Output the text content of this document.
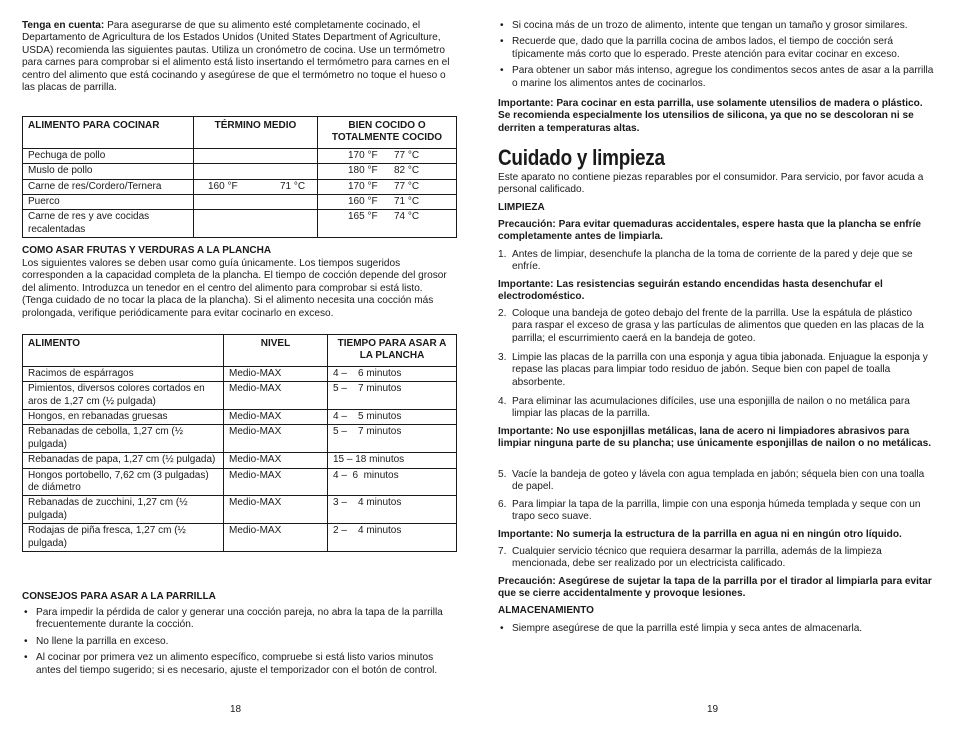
Tenga en cuenta: Para asegurarse de que su alimento esté completamente cocinado, el Departamento de Agricultura de los Estados Unidos (United States Department of Agriculture, USDA) recomienda las siguientes pautas. Utiliza un cronómetro de cocina. Use un termómetro para carnes para comprobar si el alimento está listo insertando el termómetro para carnes en el centro del alimento que está cocinando y asegúrese de que el termómetro no toque el hueso o las placas de parrilla.

ALIMENTO PARA COCINAR	TÉRMINO MEDIO	BIEN COCIDO O TOTALMENTE COCIDO
Pechuga de pollo		170 °F 77 °C
Muslo de pollo		180 °F 82 °C
Carne de res/Cordero/Ternera	160 °F 71 °C	170 °F 77 °C
Puerco		160 °F 71 °C
Carne de res y ave cocidas recalentadas		165 °F 74 °C

COMO ASAR FRUTAS Y VERDURAS A LA PLANCHA

Los siguientes valores se deben usar como guía únicamente. Los tiempos sugeridos corresponden a la capacidad completa de la plancha. El tiempo de cocción depende del grosor del alimento. Introduzca un tenedor en el centro del alimento para comprobar si está listo. (Tenga cuidado de no tocar la placa de la plancha). Si el alimento necesita una cocción más prolongada, verifique periódicamente para evitar cocinarlo en exceso.

ALIMENTO	NIVEL	TIEMPO PARA ASAR A LA PLANCHA
Racimos de espárragos	Medio-MAX	4 –    6 minutos
Pimientos, diversos colores cortados en aros de 1,27 cm (½ pulgada)	Medio-MAX	5 –    7 minutos
Hongos, en rebanadas gruesas	Medio-MAX	4 –    5 minutos
Rebanadas de cebolla, 1,27 cm (½ pulgada)	Medio-MAX	5 –    7 minutos
Rebanadas de papa, 1,27 cm (½ pulgada)	Medio-MAX	15 – 18 minutos
Hongos portobello, 7,62 cm (3 pulgadas) de diámetro	Medio-MAX	4 –  6  minutos
Rebanadas de zucchini, 1,27 cm (½ pulgada)	Medio-MAX	3 –    4 minutos
Rodajas de piña fresca, 1,27 cm (½ pulgada)	Medio-MAX	2 –    4 minutos

CONSEJOS PARA ASAR A LA PARRILLA

• Para impedir la pérdida de calor y generar una cocción pareja, no abra la tapa de la parrilla frecuentemente durante la cocción.
• No llene la parrilla en exceso.
• Al cocinar por primera vez un alimento específico, compruebe si está listo varios minutos antes del tiempo sugerido; si es necesario, ajuste el temporizador con el botón de control.
18
• Si cocina más de un trozo de alimento, intente que tengan un tamaño y grosor similares.
• Recuerde que, dado que la parrilla cocina de ambos lados, el tiempo de cocción será típicamente más corto que lo esperado. Preste atención para evitar cocinar en exceso.
• Para obtener un sabor más intenso, agregue los condimentos secos antes de asar a la parrilla o marine los alimentos antes de cocinarlos.

Importante: Para cocinar en esta parrilla, use solamente utensilios de madera o plástico. Se recomienda especialmente los utensilios de silicona, ya que no se descoloran ni se derriten a temperaturas altas.

Cuidado y limpieza

Este aparato no contiene piezas reparables por el consumidor. Para servicio, por favor acuda a personal calificado.

LIMPIEZA

Precaución: Para evitar quemaduras accidentales, espere hasta que la plancha se enfríe completamente antes de limpiarla.

1. Antes de limpiar, desenchufe la plancha de la toma de corriente de la pared y deje que se enfríe.

Importante: Las resistencias seguirán estando encendidas hasta desenchufar el electrodoméstico.

2. Coloque una bandeja de goteo debajo del frente de la parrilla. Use la espátula de plástico para raspar el exceso de grasa y las partículas de alimentos que queden en las placas de la parrilla; el escurrimiento caerá en la bandeja de goteo.
3. Limpie las placas de la parrilla con una esponja y agua tibia jabonada. Enjuague la esponja y repase las placas para limpiar todo residuo de jabón. Seque bien con papel de toalla absorbente.
4. Para eliminar las acumulaciones difíciles, use una esponjilla de nailon o no metálica para limpiar las placas de la parrilla.

Importante: No use esponjillas metálicas, lana de acero ni limpiadores abrasivos para limpiar ninguna parte de su plancha; use únicamente esponjillas de nailon o no metálicas.

5. Vacíe la bandeja de goteo y lávela con agua templada en jabón; séquela bien con una toalla de papel.
6. Para limpiar la tapa de la parrilla, limpie con una esponja húmeda templada y seque con un trapo seco suave.

Importante: No sumerja la estructura de la parrilla en agua ni en ningún otro líquido.

7. Cualquier servicio técnico que requiera desarmar la parrilla, además de la limpieza mencionada, debe ser realizado por un electricista calificado.

Precaución: Asegúrese de sujetar la tapa de la parrilla por el tirador al limpiarla para evitar que se cierre accidentalmente y provoque lesiones.

ALMACENAMIENTO

• Siempre asegúrese de que la parrilla esté limpia y seca antes de almacenarla.
19
